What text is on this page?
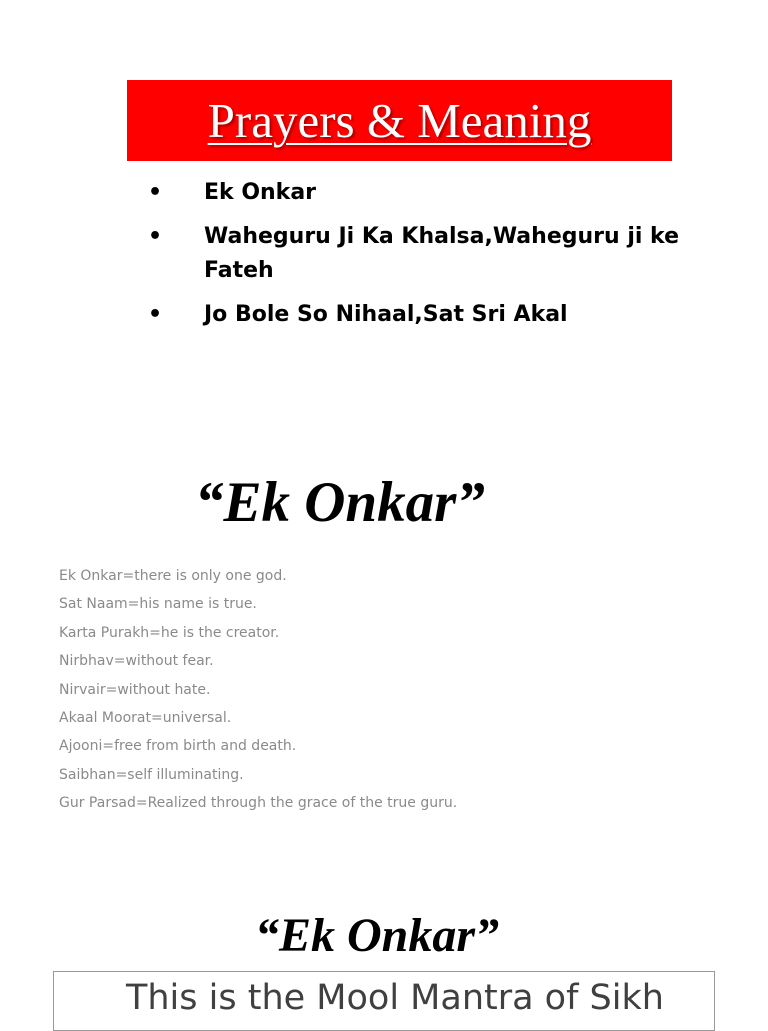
Prayers & Meaning
• Ek Onkar
• Waheguru Ji Ka Khalsa,Waheguru ji ke Fateh
• Jo Bole So Nihaal,Sat Sri Akal
“Ek Onkar”
Ek Onkar=there is only one god.
Sat Naam=his name is true.
Karta Purakh=he is the creator.
Nirbhav=without fear.
Nirvair=without hate.
Akaal Moorat=universal.
Ajooni=free from birth and death.
Saibhan=self illuminating.
Gur Parsad=Realized through the grace of the true guru.
“Ek Onkar”
This is the Mool Mantra of Sikh
